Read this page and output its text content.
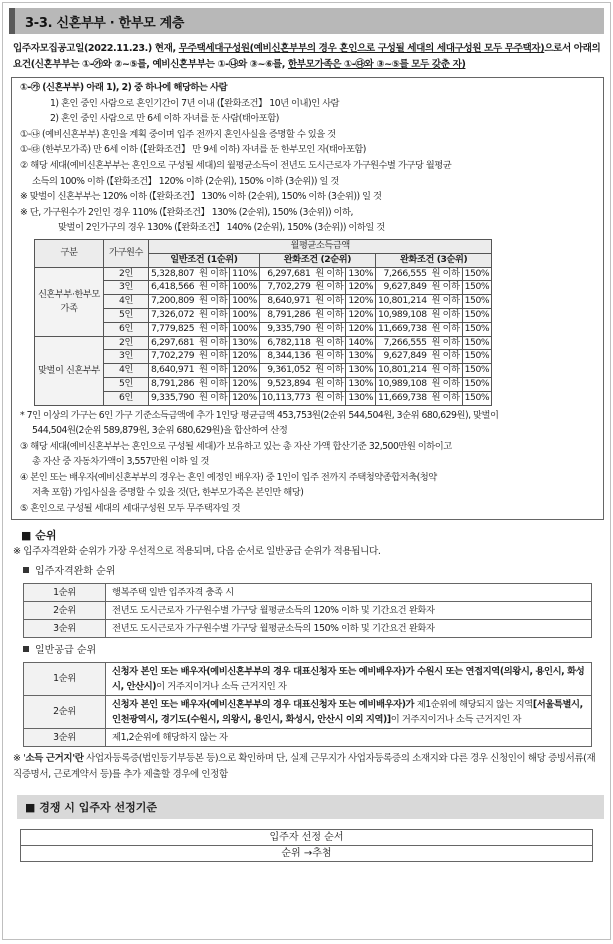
3-3. 신혼부부 · 한부모 계층
입주자모집공고일(2022.11.23.) 현재, 무주택세대구성원(예비신혼부부의 경우 혼인으로 구성될 세대의 세대구성원 모두 무주택자)으로서 아래의 요건(신혼부부는 ①-㉮와 ②~⑤를, 예비신혼부부는 ①-㉯와 ③~⑥를, 한부모가족은 ①-㉰와 ③~⑤를 모두 갖춘 자)
①-㉮ (신혼부부) 아래 1), 2) 중 하나에 해당하는 사람
1) 혼인 중인 사람으로 혼인기간이 7년 이내 (【완화조건】 10년 이내)인 사람
2) 혼인 중인 사람으로 만 6세 이하 자녀를 둔 사람(태아포함)
①-㉯ (예비신혼부부) 혼인을 계획 중이며 입주 전까지 혼인사실을 증명할 수 있을 것
①-㉰ (한부모가족) 만 6세 이하 (【완화조건】 만 9세 이하) 자녀를 둔 한부모인 자(태아포함)
② 해당 세대(예비신혼부부는 혼인으로 구성될 세대)의 월평균소득이 전년도 도시근로자 가구원수별 가구당 월평균
소득의 100% 이하 (【완화조건】 120% 이하 (2순위), 150% 이하 (3순위)) 일 것
※ 맞벌이 신혼부부는 120% 이하 (【완화조건】 130% 이하 (2순위), 150% 이하 (3순위)) 일 것
※ 단, 가구원수가 2인인 경우 110% (【완화조건】 130% (2순위), 150% (3순위)) 이하,
맞벌이 2인가구의 경우 130% (【완화조건】 140% (2순위), 150% (3순위)) 이하일 것
구분	가구원수	월평균소득금액								
		일반조건 (1순위)			완화조건 (2순위)			완화조건 (3순위)		
신혼부부·한부모가족	2인	5,328,807	원 이하	110%	6,297,681	원 이하	130%	7,266,555	원 이하	150%
	3인	6,418,566	원 이하	100%	7,702,279	원 이하	120%	9,627,849	원 이하	150%
	4인	7,200,809	원 이하	100%	8,640,971	원 이하	120%	10,801,214	원 이하	150%
	5인	7,326,072	원 이하	100%	8,791,286	원 이하	120%	10,989,108	원 이하	150%
	6인	7,779,825	원 이하	100%	9,335,790	원 이하	120%	11,669,738	원 이하	150%
맞벌이 신혼부부	2인	6,297,681	원 이하	130%	6,782,118	원 이하	140%	7,266,555	원 이하	150%
	3인	7,702,279	원 이하	120%	8,344,136	원 이하	130%	9,627,849	원 이하	150%
	4인	8,640,971	원 이하	120%	9,361,052	원 이하	130%	10,801,214	원 이하	150%
	5인	8,791,286	원 이하	120%	9,523,894	원 이하	130%	10,989,108	원 이하	150%
	6인	9,335,790	원 이하	120%	10,113,773	원 이하	130%	11,669,738	원 이하	150%
* 7인 이상의 가구는 6인 가구 기준소득금액에 추가 1인당 평균금액 453,753원(2순위 544,504원, 3순위 680,629원), 맞벌이
544,504원(2순위 589,879원, 3순위 680,629원)을 합산하여 산정
③ 해당 세대(예비신혼부부는 혼인으로 구성될 세대)가 보유하고 있는 총 자산 가액 합산기준 32,500만원 이하이고
총 자산 중 자동차가액이 3,557만원 이하 일 것
④ 본인 또는 배우자(예비신혼부부의 경우는 혼인 예정인 배우자) 중 1인이 입주 전까지 주택청약종합저축(청약
저축 포함) 가입사실을 증명할 수 있을 것(단, 한부모가족은 본인만 해당)
⑤ 혼인으로 구성될 세대의 세대구성원 모두 무주택자일 것
■ 순위
※ 입주자격완화 순위가 가장 우선적으로 적용되며, 다음 순서로 일반공급 순위가 적용됩니다.
입주자격완화 순위
1순위	행복주택 일반 입주자격 충족 시
2순위	전년도 도시근로자 가구원수별 가구당 월평균소득의 120% 이하 및 기간요건 완화자
3순위	전년도 도시근로자 가구원수별 가구당 월평균소득의 150% 이하 및 기간요건 완화자
일반공급 순위
1순위	신청자 본인 또는 배우자(예비신혼부부의 경우 대표신청자 또는 예비배우자)가 수원시 또는 연접지역(의왕시, 용인시, 화성시, 안산시)이 거주지이거나 소득 근거지인 자
2순위	신청자 본인 또는 배우자(예비신혼부부의 경우 대표신청자 또는 예비배우자)가 제1순위에 해당되지 않는 지역[서울특별시, 인천광역시, 경기도(수원시, 의왕시, 용인시, 화성시, 안산시 이외 지역)]이 거주지이거나 소득 근거지인 자
3순위	제1,2순위에 해당하지 않는 자
※ '소득 근거지'란 사업자등록증(법인등기부등본 등)으로 확인하며 단, 실제 근무지가 사업자등록증의 소재지와 다른 경우 신청인이 해당 증빙서류(재직증명서, 근로계약서 등)를 추가 제출할 경우에 인정함
■ 경쟁 시 입주자 선정기준
입주자 선정 순서
순위 →추첨
